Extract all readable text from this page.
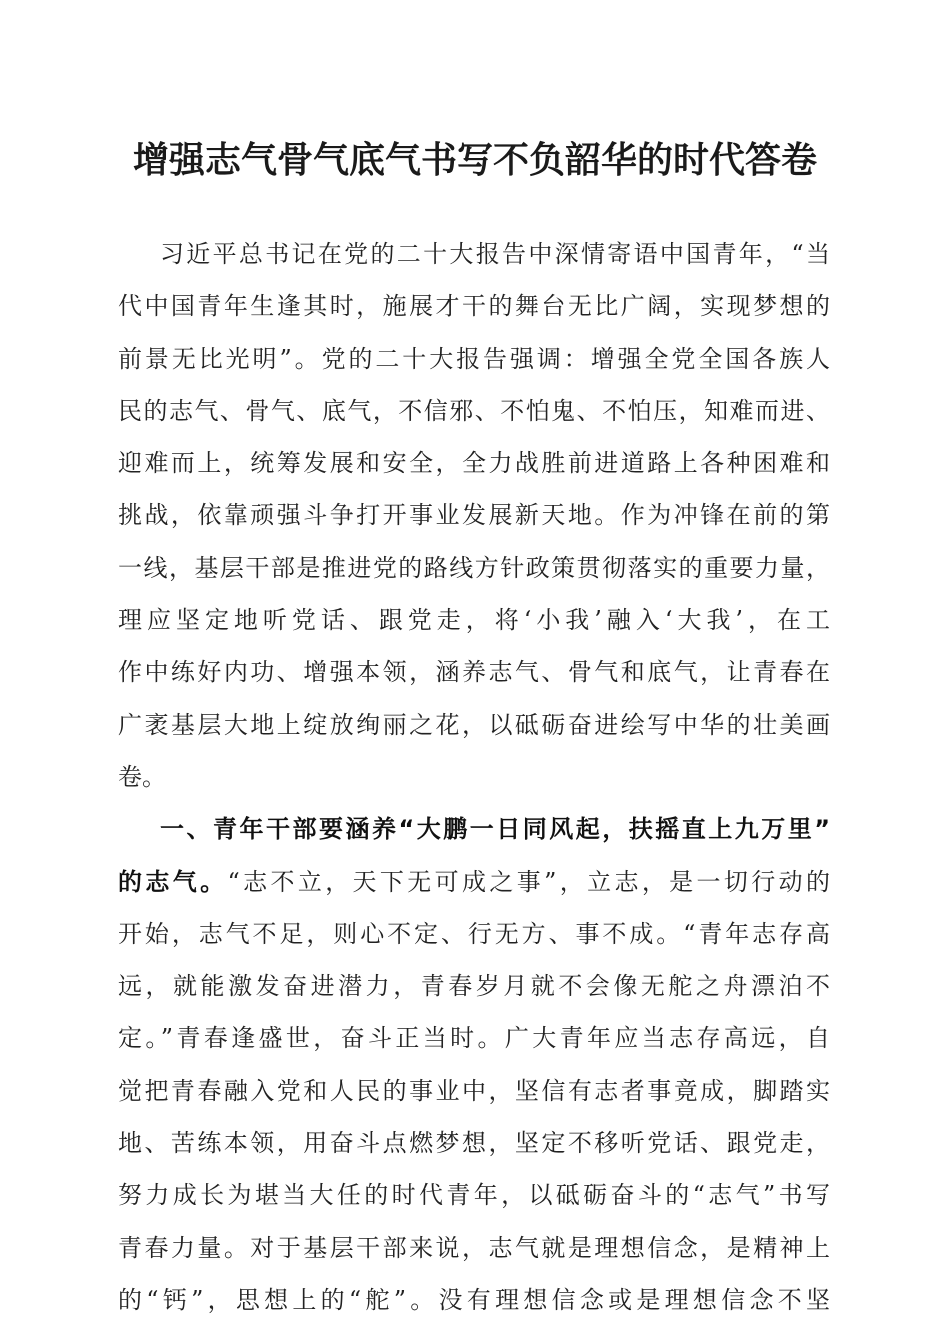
增强志气骨气底气书写不负韶华的时代答卷
习近平总书记在党的二十大报告中深情寄语中国青年，“当
代中国青年生逢其时，施展才干的舞台无比广阔，实现梦想的
前景无比光明”。党的二十大报告强调：增强全党全国各族人
民的志气、骨气、底气，不信邪、不怕鬼、不怕压，知难而进、
迎难而上，统筹发展和安全，全力战胜前进道路上各种困难和
挑战，依靠顽强斗争打开事业发展新天地。作为冲锋在前的第
一线，基层干部是推进党的路线方针政策贯彻落实的重要力量，
理应坚定地听党话、跟党走，将‘小我’融入‘大我’，在工
作中练好内功、增强本领，涵养志气、骨气和底气，让青春在
广袤基层大地上绽放绚丽之花，以砥砺奋进绘写中华的壮美画
卷。
一、青年干部要涵养“大鹏一日同风起，扶摇直上九万里”
的志气。“志不立，天下无可成之事”，立志，是一切行动的
开始，志气不足，则心不定、行无方、事不成。“青年志存高
远，就能激发奋进潜力，青春岁月就不会像无舵之舟漂泊不
定。”青春逢盛世，奋斗正当时。广大青年应当志存高远，自
觉把青春融入党和人民的事业中，坚信有志者事竟成，脚踏实
地、苦练本领，用奋斗点燃梦想，坚定不移听党话、跟党走，
努力成长为堪当大任的时代青年，以砥砺奋斗的“志气”书写
青春力量。对于基层干部来说，志气就是理想信念，是精神上
的“钙”，思想上的“舵”。没有理想信念或是理想信念不坚
